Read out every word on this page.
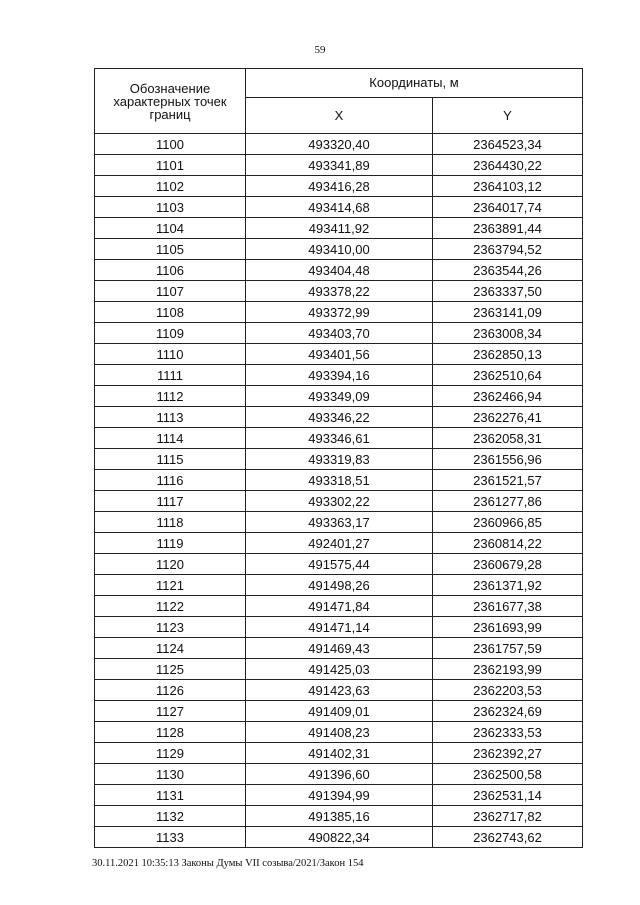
59
Обозначение характерных точек границ	Координаты, м	
	X	Y
1100	493320,40	2364523,34
1101	493341,89	2364430,22
1102	493416,28	2364103,12
1103	493414,68	2364017,74
1104	493411,92	2363891,44
1105	493410,00	2363794,52
1106	493404,48	2363544,26
1107	493378,22	2363337,50
1108	493372,99	2363141,09
1109	493403,70	2363008,34
1110	493401,56	2362850,13
1111	493394,16	2362510,64
1112	493349,09	2362466,94
1113	493346,22	2362276,41
1114	493346,61	2362058,31
1115	493319,83	2361556,96
1116	493318,51	2361521,57
1117	493302,22	2361277,86
1118	493363,17	2360966,85
1119	492401,27	2360814,22
1120	491575,44	2360679,28
1121	491498,26	2361371,92
1122	491471,84	2361677,38
1123	491471,14	2361693,99
1124	491469,43	2361757,59
1125	491425,03	2362193,99
1126	491423,63	2362203,53
1127	491409,01	2362324,69
1128	491408,23	2362333,53
1129	491402,31	2362392,27
1130	491396,60	2362500,58
1131	491394,99	2362531,14
1132	491385,16	2362717,82
1133	490822,34	2362743,62
30.11.2021 10:35:13 Законы Думы VII созыва/2021/Закон 154
